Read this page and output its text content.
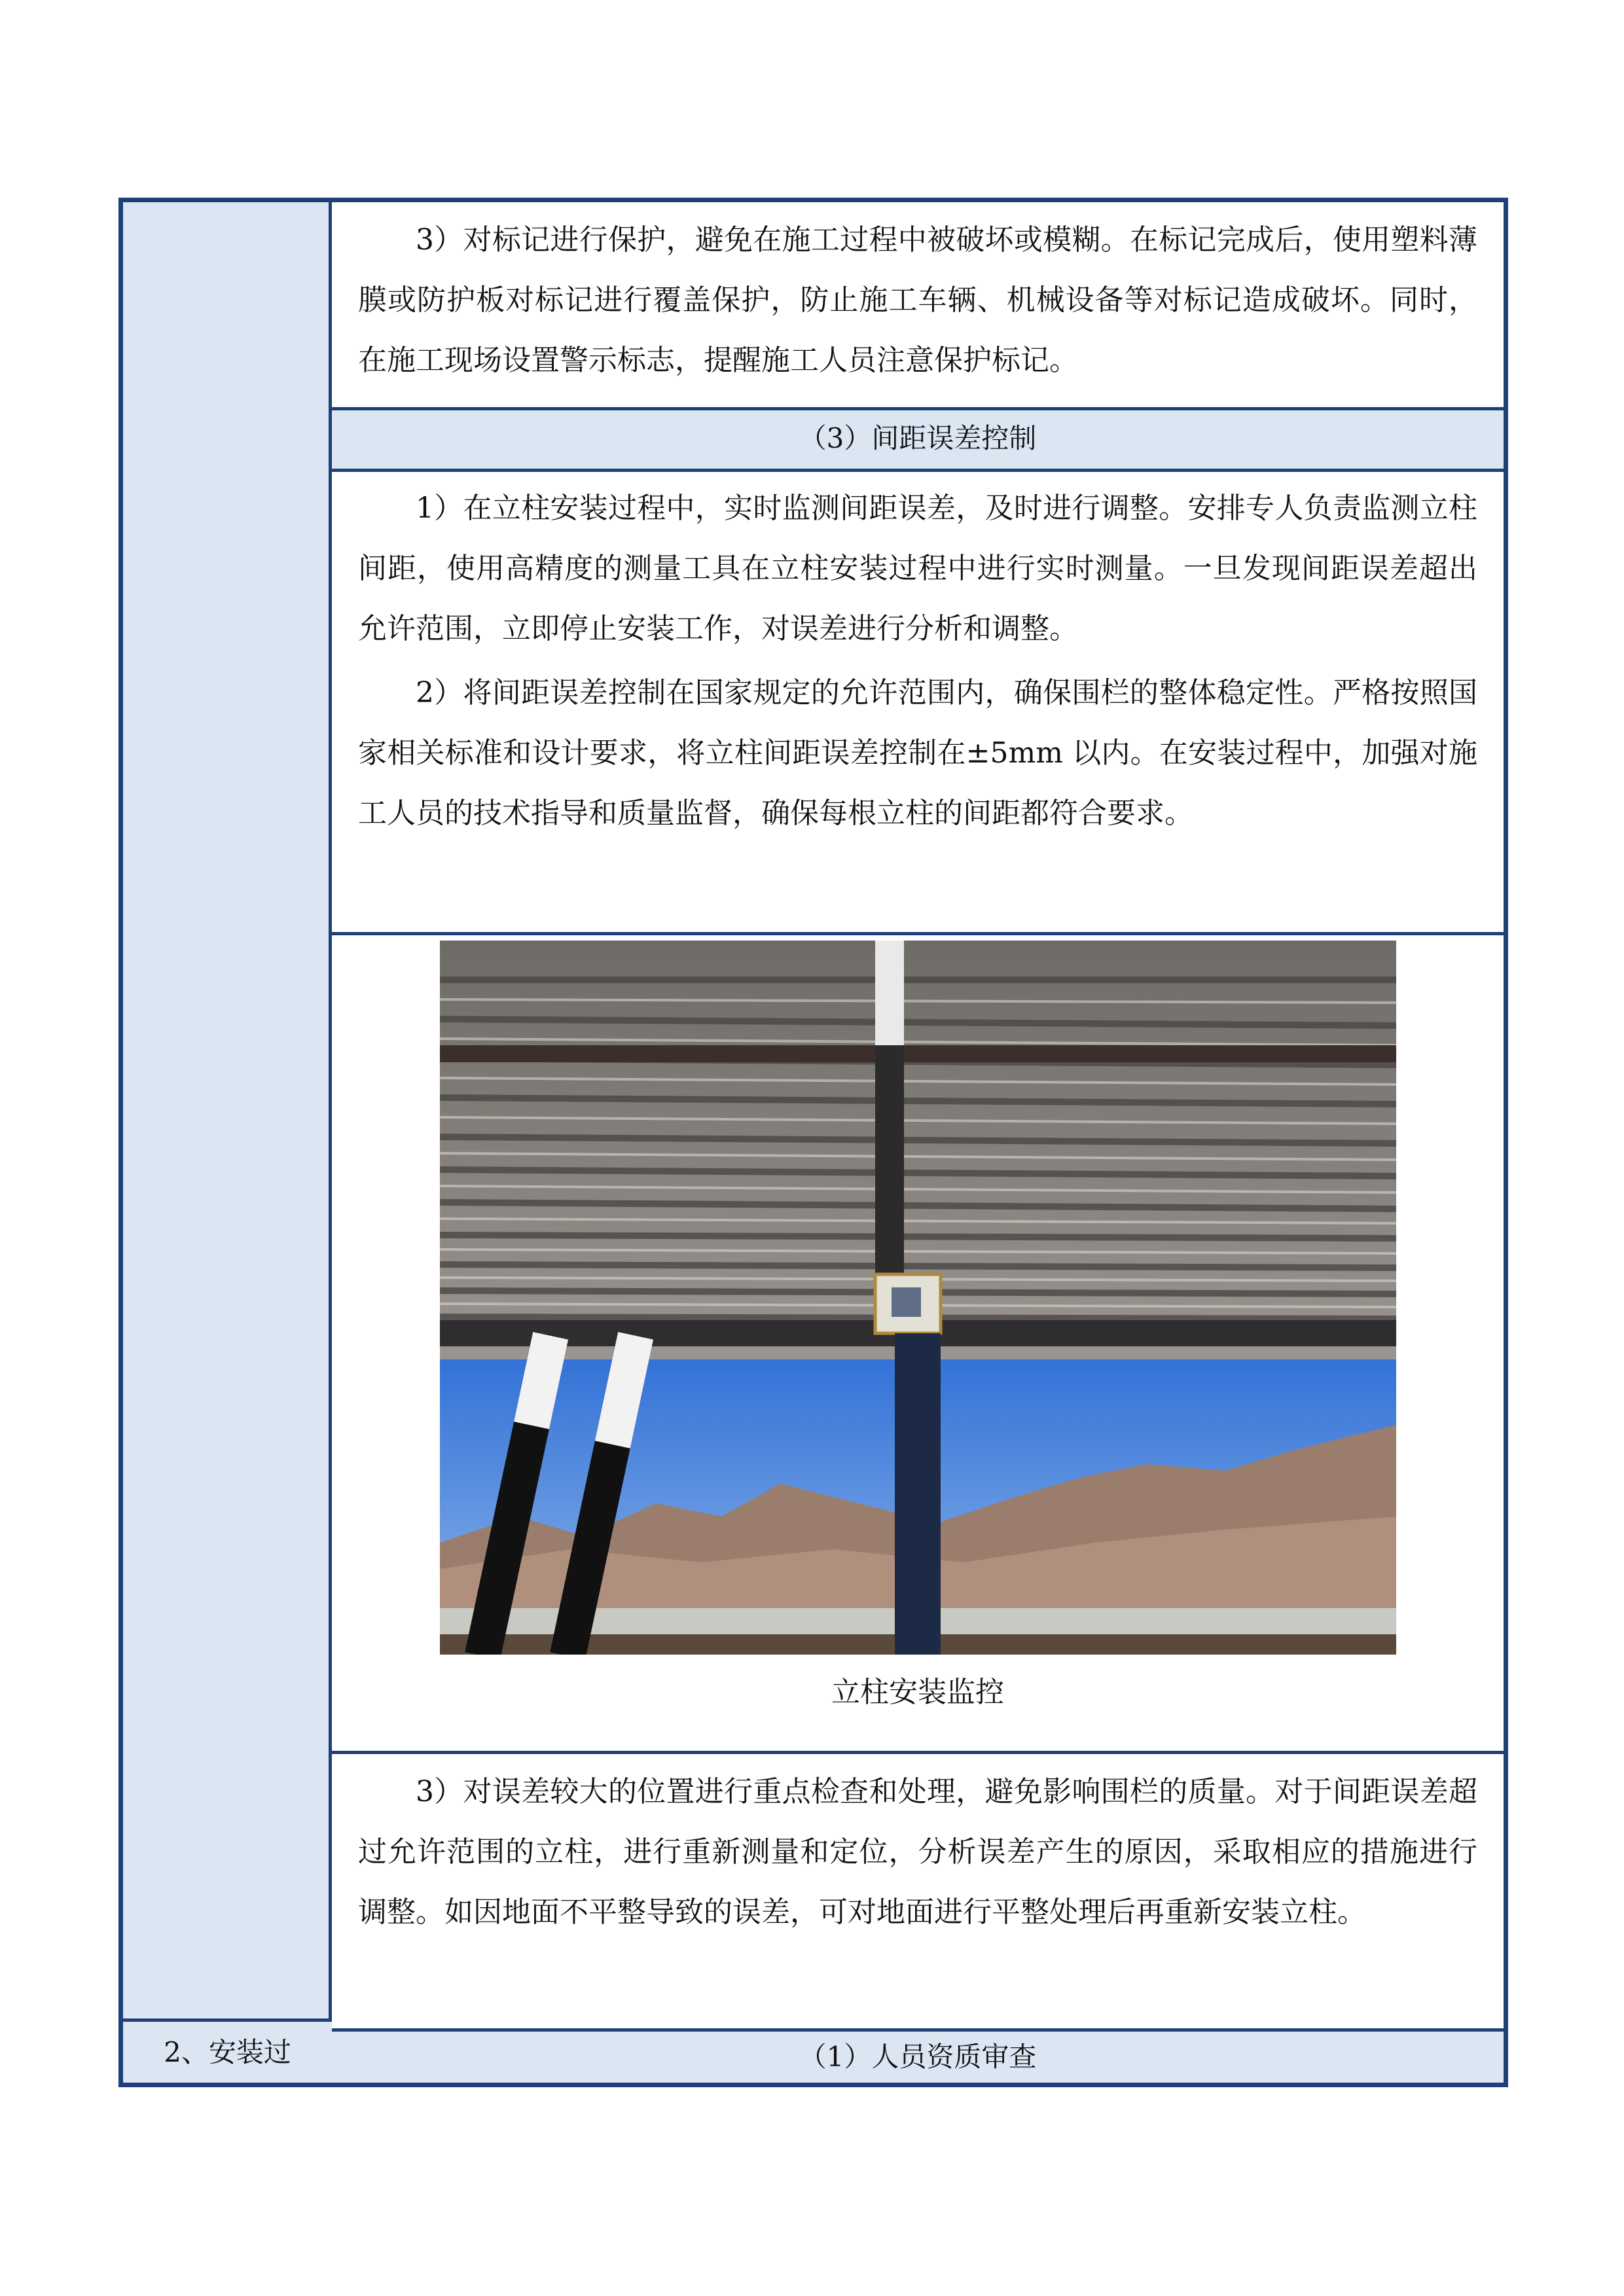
2、安装过

3）对标记进行保护，避免在施工过程中被破坏或模糊。在标记完成后，使用塑料薄膜或防护板对标记进行覆盖保护，防止施工车辆、机械设备等对标记造成破坏。同时，在施工现场设置警示标志，提醒施工人员注意保护标记。

（3）间距误差控制

1）在立柱安装过程中，实时监测间距误差，及时进行调整。安排专人负责监测立柱间距，使用高精度的测量工具在立柱安装过程中进行实时测量。一旦发现间距误差超出允许范围，立即停止安装工作，对误差进行分析和调整。

2）将间距误差控制在国家规定的允许范围内，确保围栏的整体稳定性。严格按照国家相关标准和设计要求，将立柱间距误差控制在±5mm 以内。在安装过程中，加强对施工人员的技术指导和质量监督，确保每根立柱的间距都符合要求。

立柱安装监控

3）对误差较大的位置进行重点检查和处理，避免影响围栏的质量。对于间距误差超过允许范围的立柱，进行重新测量和定位，分析误差产生的原因，采取相应的措施进行调整。如因地面不平整导致的误差，可对地面进行平整处理后再重新安装立柱。

（1）人员资质审查
